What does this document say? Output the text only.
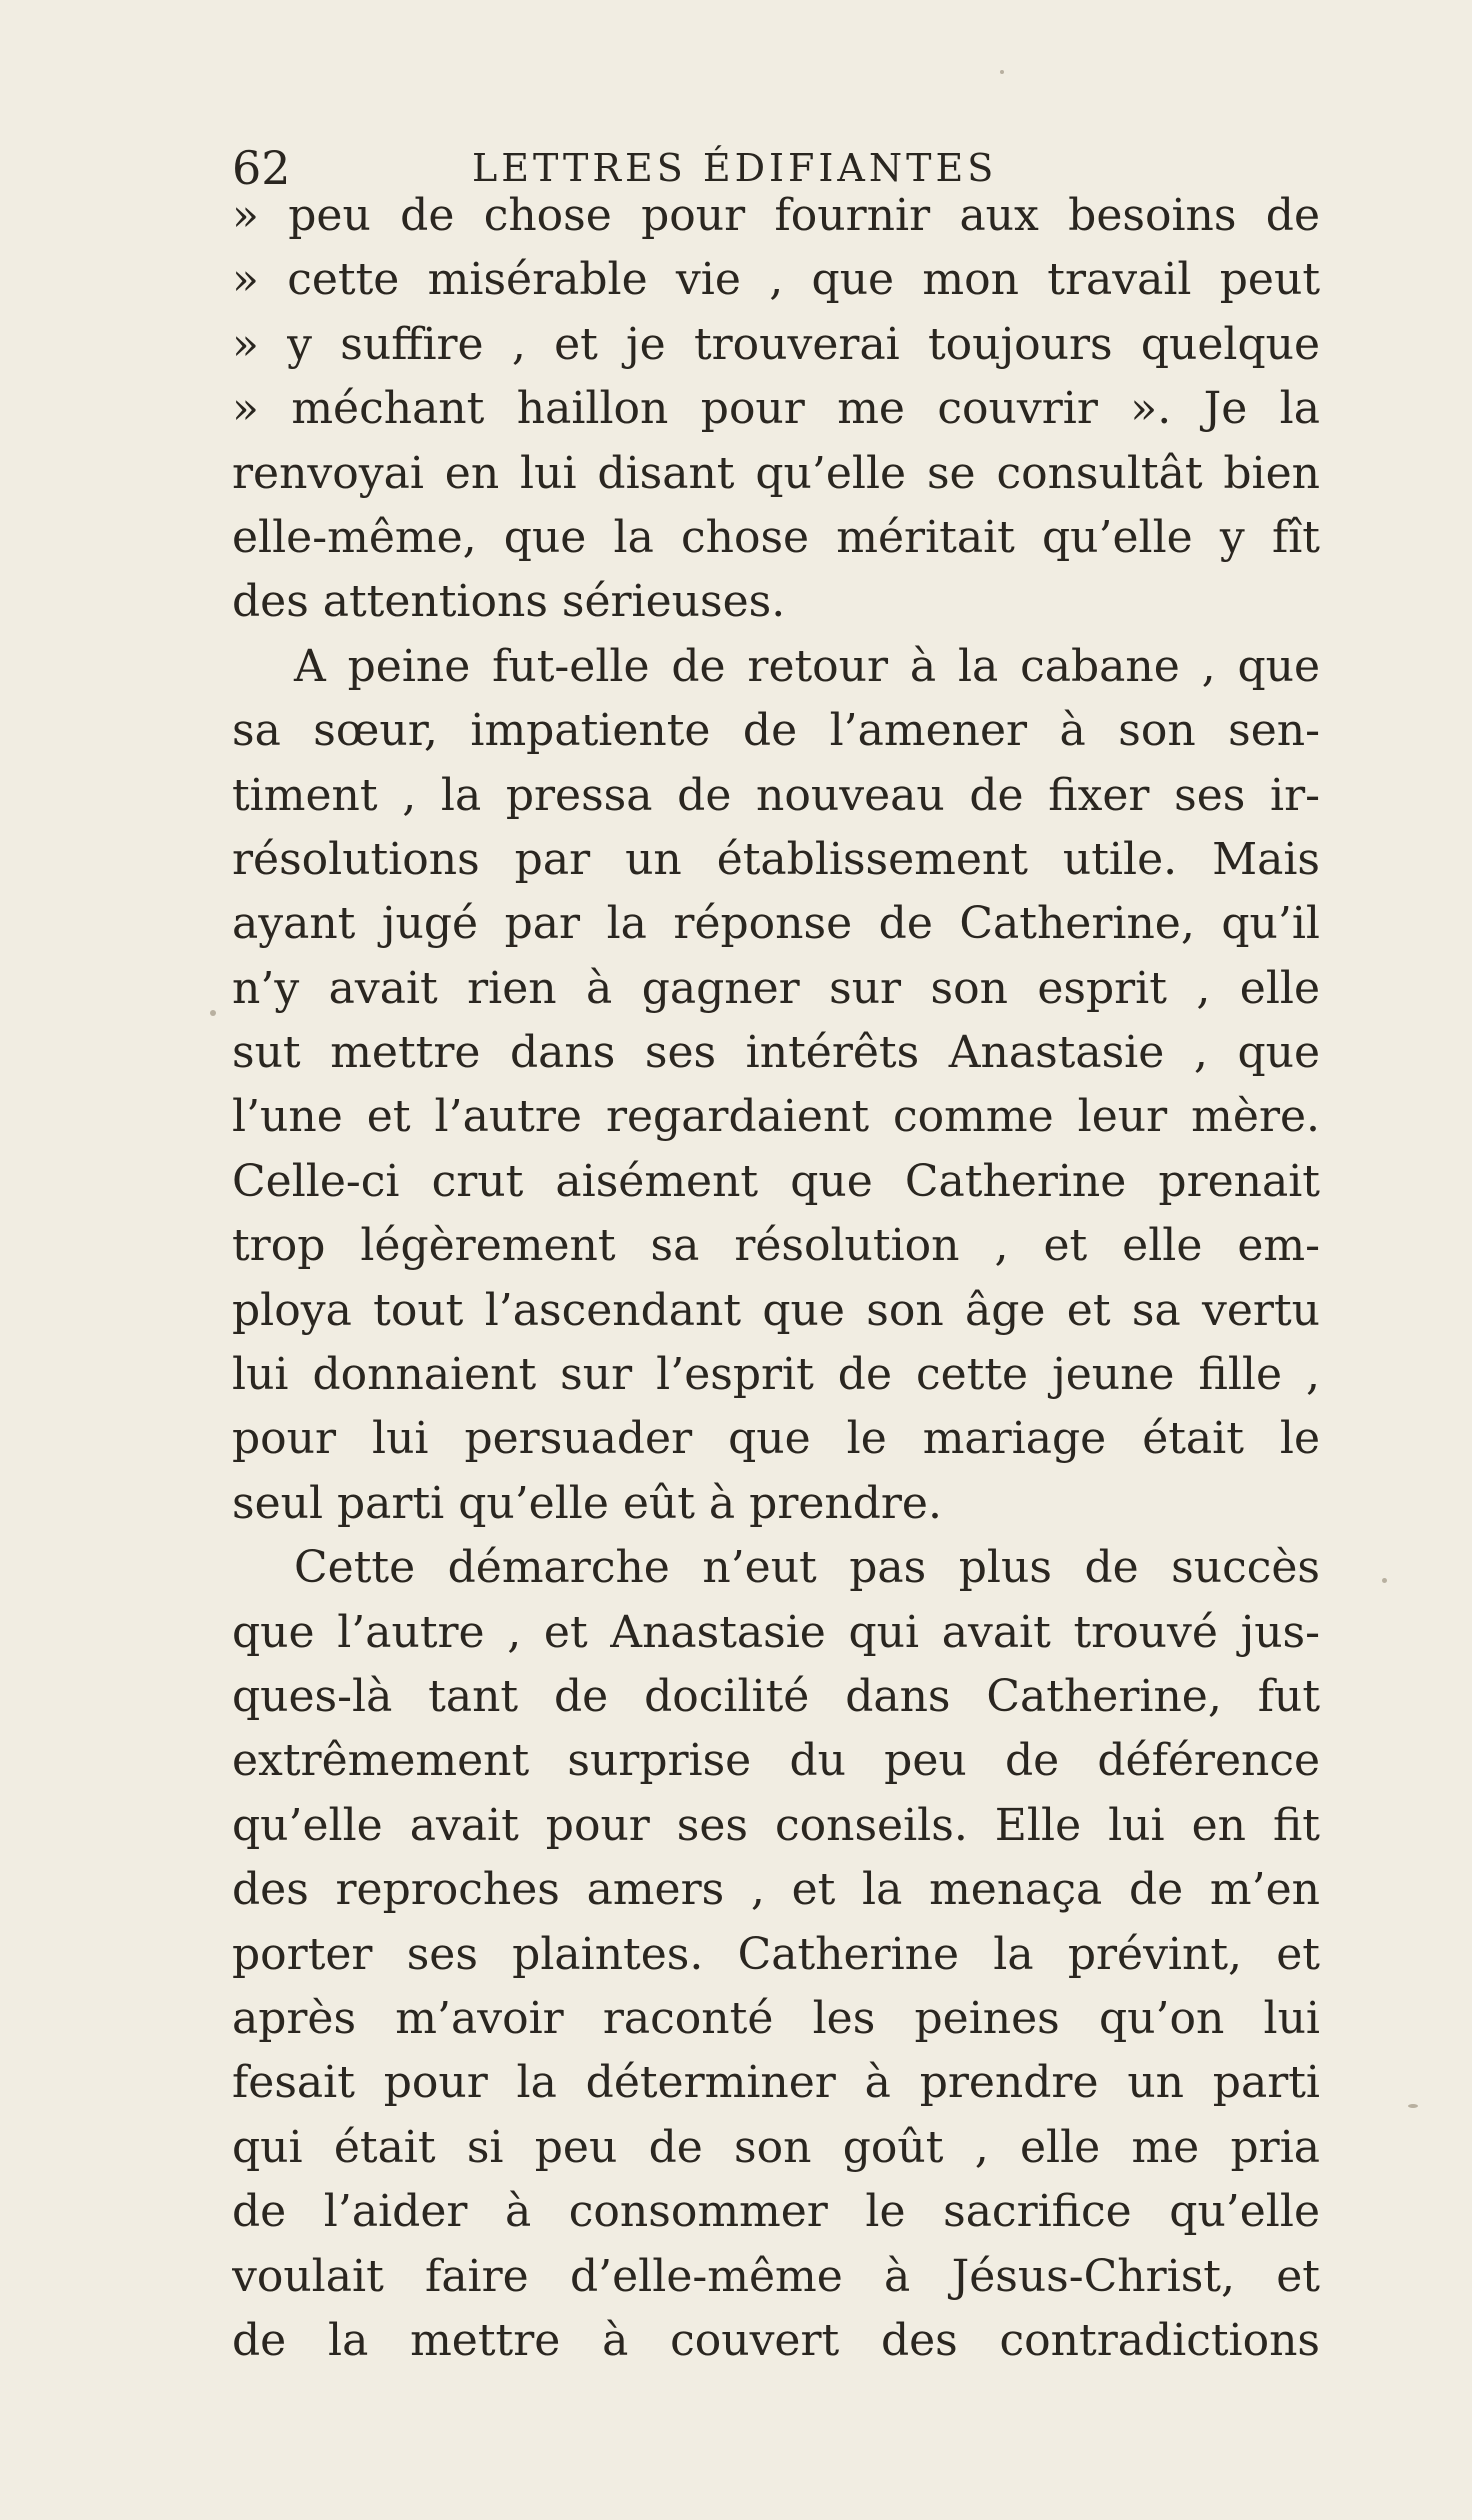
62	LETTRES ÉDIFIANTES
» peu de chose pour fournir aux besoins de
» cette misérable vie , que mon travail peut
» y suffire , et je trouverai toujours quelque
» méchant haillon pour me couvrir ». Je la
renvoyai en lui disant qu’elle se consultât bien
elle-même, que la chose méritait qu’elle y fît
des attentions sérieuses.
A peine fut-elle de retour à la cabane , que
sa sœur, impatiente de l’amener à son sen-
timent , la pressa de nouveau de fixer ses ir-
résolutions par un établissement utile. Mais
ayant jugé par la réponse de Catherine, qu’il
n’y avait rien à gagner sur son esprit , elle
sut mettre dans ses intérêts Anastasie , que
l’une et l’autre regardaient comme leur mère.
Celle-ci crut aisément que Catherine prenait
trop légèrement sa résolution , et elle em-
ploya tout l’ascendant que son âge et sa vertu
lui donnaient sur l’esprit de cette jeune fille ,
pour lui persuader que le mariage était le
seul parti qu’elle eût à prendre.
Cette démarche n’eut pas plus de succès
que l’autre , et Anastasie qui avait trouvé jus-
ques-là tant de docilité dans Catherine, fut
extrêmement surprise du peu de déférence
qu’elle avait pour ses conseils. Elle lui en fit
des reproches amers , et la menaça de m’en
porter ses plaintes. Catherine la prévint, et
après m’avoir raconté les peines qu’on lui
fesait pour la déterminer à prendre un parti
qui était si peu de son goût , elle me pria
de l’aider à consommer le sacrifice qu’elle
voulait faire d’elle-même à Jésus-Christ, et
de la mettre à couvert des contradictions
